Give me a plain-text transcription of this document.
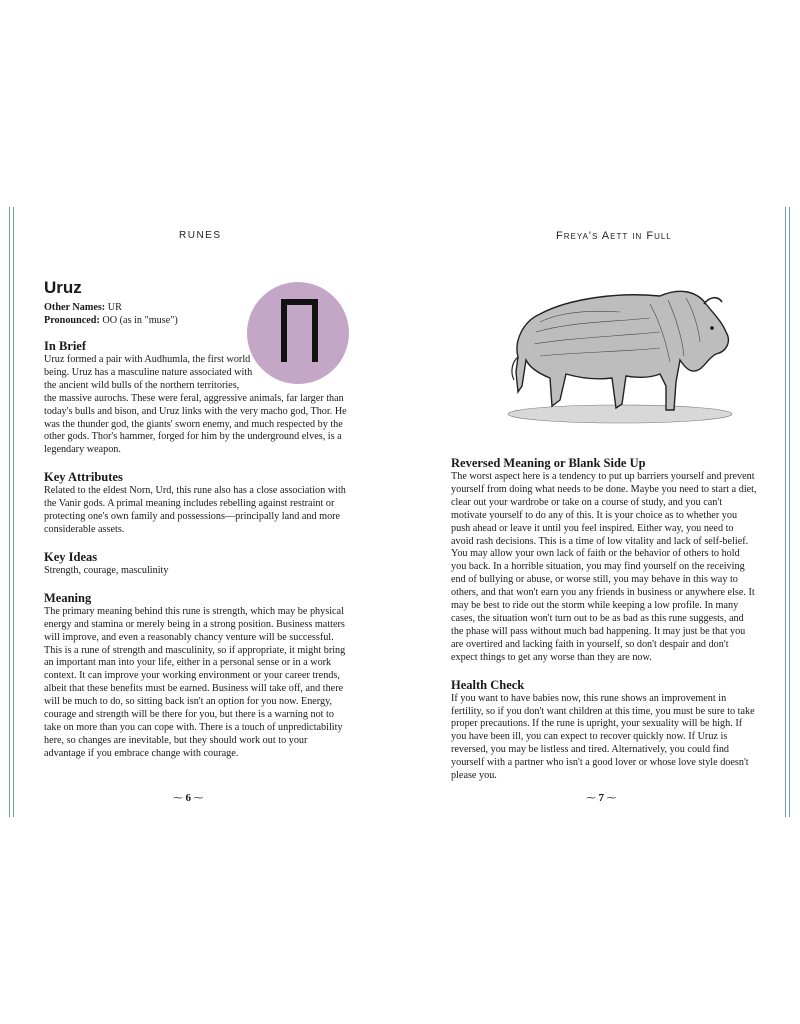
RUNES	Freya's Aett in Full
Uruz

Other Names: UR

Pronounced: OO (as in "muse")

In Brief

Uruz formed a pair with Audhumla, the first world
being. Uruz has a masculine nature associated with
the ancient wild bulls of the northern territories,
the massive aurochs. These were feral, aggressive animals, far larger than today's bulls and bison, and Uruz links with the very macho god, Thor. He was the thunder god, the giants' sworn enemy, and much respected by the other gods. Thor's hammer, forged for him by the underground elves, is a legendary weapon.

Key Attributes

Related to the eldest Norn, Urd, this rune also has a close association with the Vanir gods. A primal meaning includes rebelling against restraint or protecting one's own family and possessions—principally land and more considerable assets.

Key Ideas

Strength, courage, masculinity

Meaning

The primary meaning behind this rune is strength, which may be physical energy and stamina or merely being in a strong position. Business matters will improve, and even a reasonably chancy venture will be successful. This is a rune of strength and masculinity, so if appropriate, it might bring an important man into your life, either in a personal sense or in a work context. It can improve your working environment or your career trends, albeit that these benefits must be earned. Business will take off, and there will be much to do, so sitting back isn't an option for you now. Energy, courage and strength will be there for you, but there is a warning not to take on more than you can cope with. There is a touch of unpredictability here, so changes are inevitable, but they should work out to your advantage if you embrace change with courage.

Reversed Meaning or Blank Side Up

The worst aspect here is a tendency to put up barriers yourself and prevent yourself from doing what needs to be done. Maybe you need to start a diet, clear out your wardrobe or take on a course of study, and you can't motivate yourself to do any of this. It is your choice as to whether you push ahead or leave it until you feel inspired. Either way, you need to avoid rash decisions. This is a time of low vitality and lack of self-belief. You may allow your own lack of faith or the behavior of others to hold you back. In a horrible situation, you may find yourself on the receiving end of bullying or abuse, or worse still, you may behave in this way to others, and that won't earn you any friends in business or anywhere else. It may be best to ride out the storm while keeping a low profile. In many cases, the situation won't turn out to be as bad as this rune suggests, and the phase will pass without much bad happening. It may just be that you are overtired and lacking faith in yourself, so don't despair and don't expect things to get any worse than they are now.

Health Check

If you want to have babies now, this rune shows an improvement in fertility, so if you don't want children at this time, you must be sure to take proper precautions. If the rune is upright, your sexuality will be high. If you have been ill, you can expect to recover quickly now. If Uruz is reversed, you may be listless and tired. Alternatively, you could find yourself with a partner who isn't a good lover or whose love style doesn't please you.

⁓ 6 ⁓	⁓ 7 ⁓
